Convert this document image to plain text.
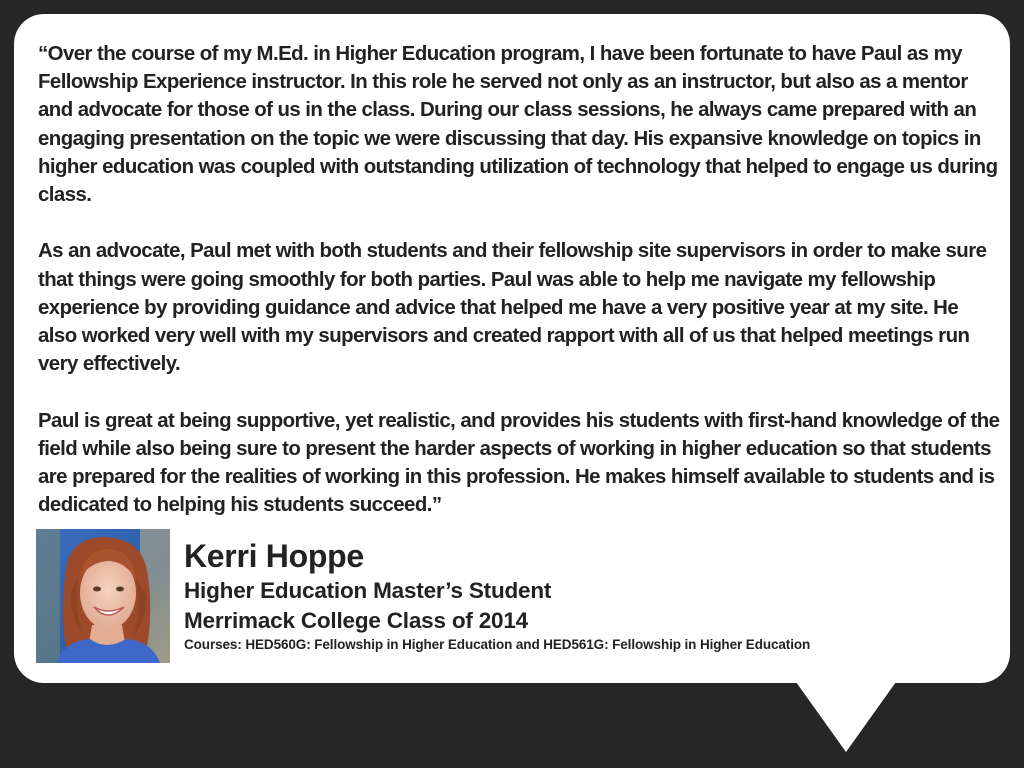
“Over the course of my M.Ed. in Higher Education program, I have been fortunate to have Paul as my Fellowship Experience instructor. In this role he served not only as an instructor, but also as a mentor and advocate for those of us in the class. During our class sessions, he always came prepared with an engaging presentation on the topic we were discussing that day. His expansive knowledge on topics in higher education was coupled with outstanding utilization of technology that helped to engage us during class.

As an advocate, Paul met with both students and their fellowship site supervisors in order to make sure that things were going smoothly for both parties. Paul was able to help me navigate my fellowship experience by providing guidance and advice that helped me have a very positive year at my site. He also worked very well with my supervisors and created rapport with all of us that helped meetings run very effectively.

Paul is great at being supportive, yet realistic, and provides his students with first-hand knowledge of the field while also being sure to present the harder aspects of working in higher education so that students are prepared for the realities of working in this profession. He makes himself available to students and is dedicated to helping his students succeed.”

Kerri Hoppe
Higher Education Master’s Student
Merrimack College Class of 2014
Courses: HED560G: Fellowship in Higher Education and HED561G: Fellowship in Higher Education
